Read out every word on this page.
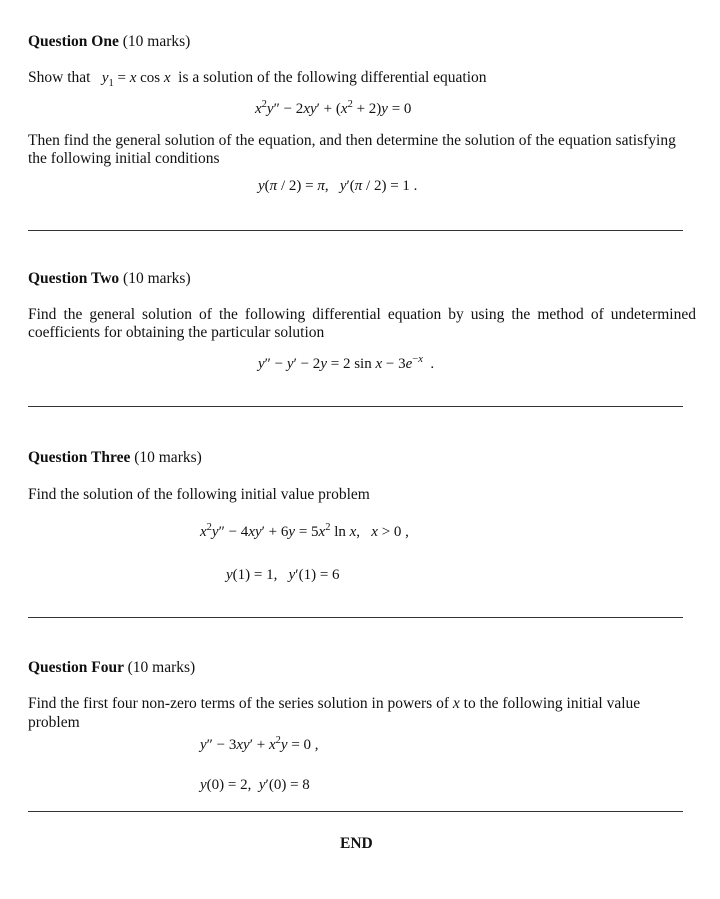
Question One (10 marks)
Show that $y_1 = x$ cos x is a solution of the following differential equation
$x^2y'' - 2xy' + (x^2 + 2)y = 0$
Then find the general solution of the equation, and then determine the solution of the equation satisfying the following initial conditions
y(π / 2) = π,   y′(π / 2) = 1 .
Question Two (10 marks)
Find the general solution of the following differential equation by using the method of undetermined coefficients for obtaining the particular solution
y″ − y′ − 2y = 2 $\sin x - 3e^{-x}$  .
Question Three (10 marks)
Find the solution of the following initial value problem
$x^2y'' - 4xy' + 6y = 5x^2$ ln x,   x > 0 ,
y(1) = 1,   y′(1) = 6
Question Four (10 marks)
Find the first four non-zero terms of the series solution in powers of x to the following initial value problem
$y'' - 3xy' + x^2y = 0$ ,
y(0) = 2,  y′(0) = 8
END
